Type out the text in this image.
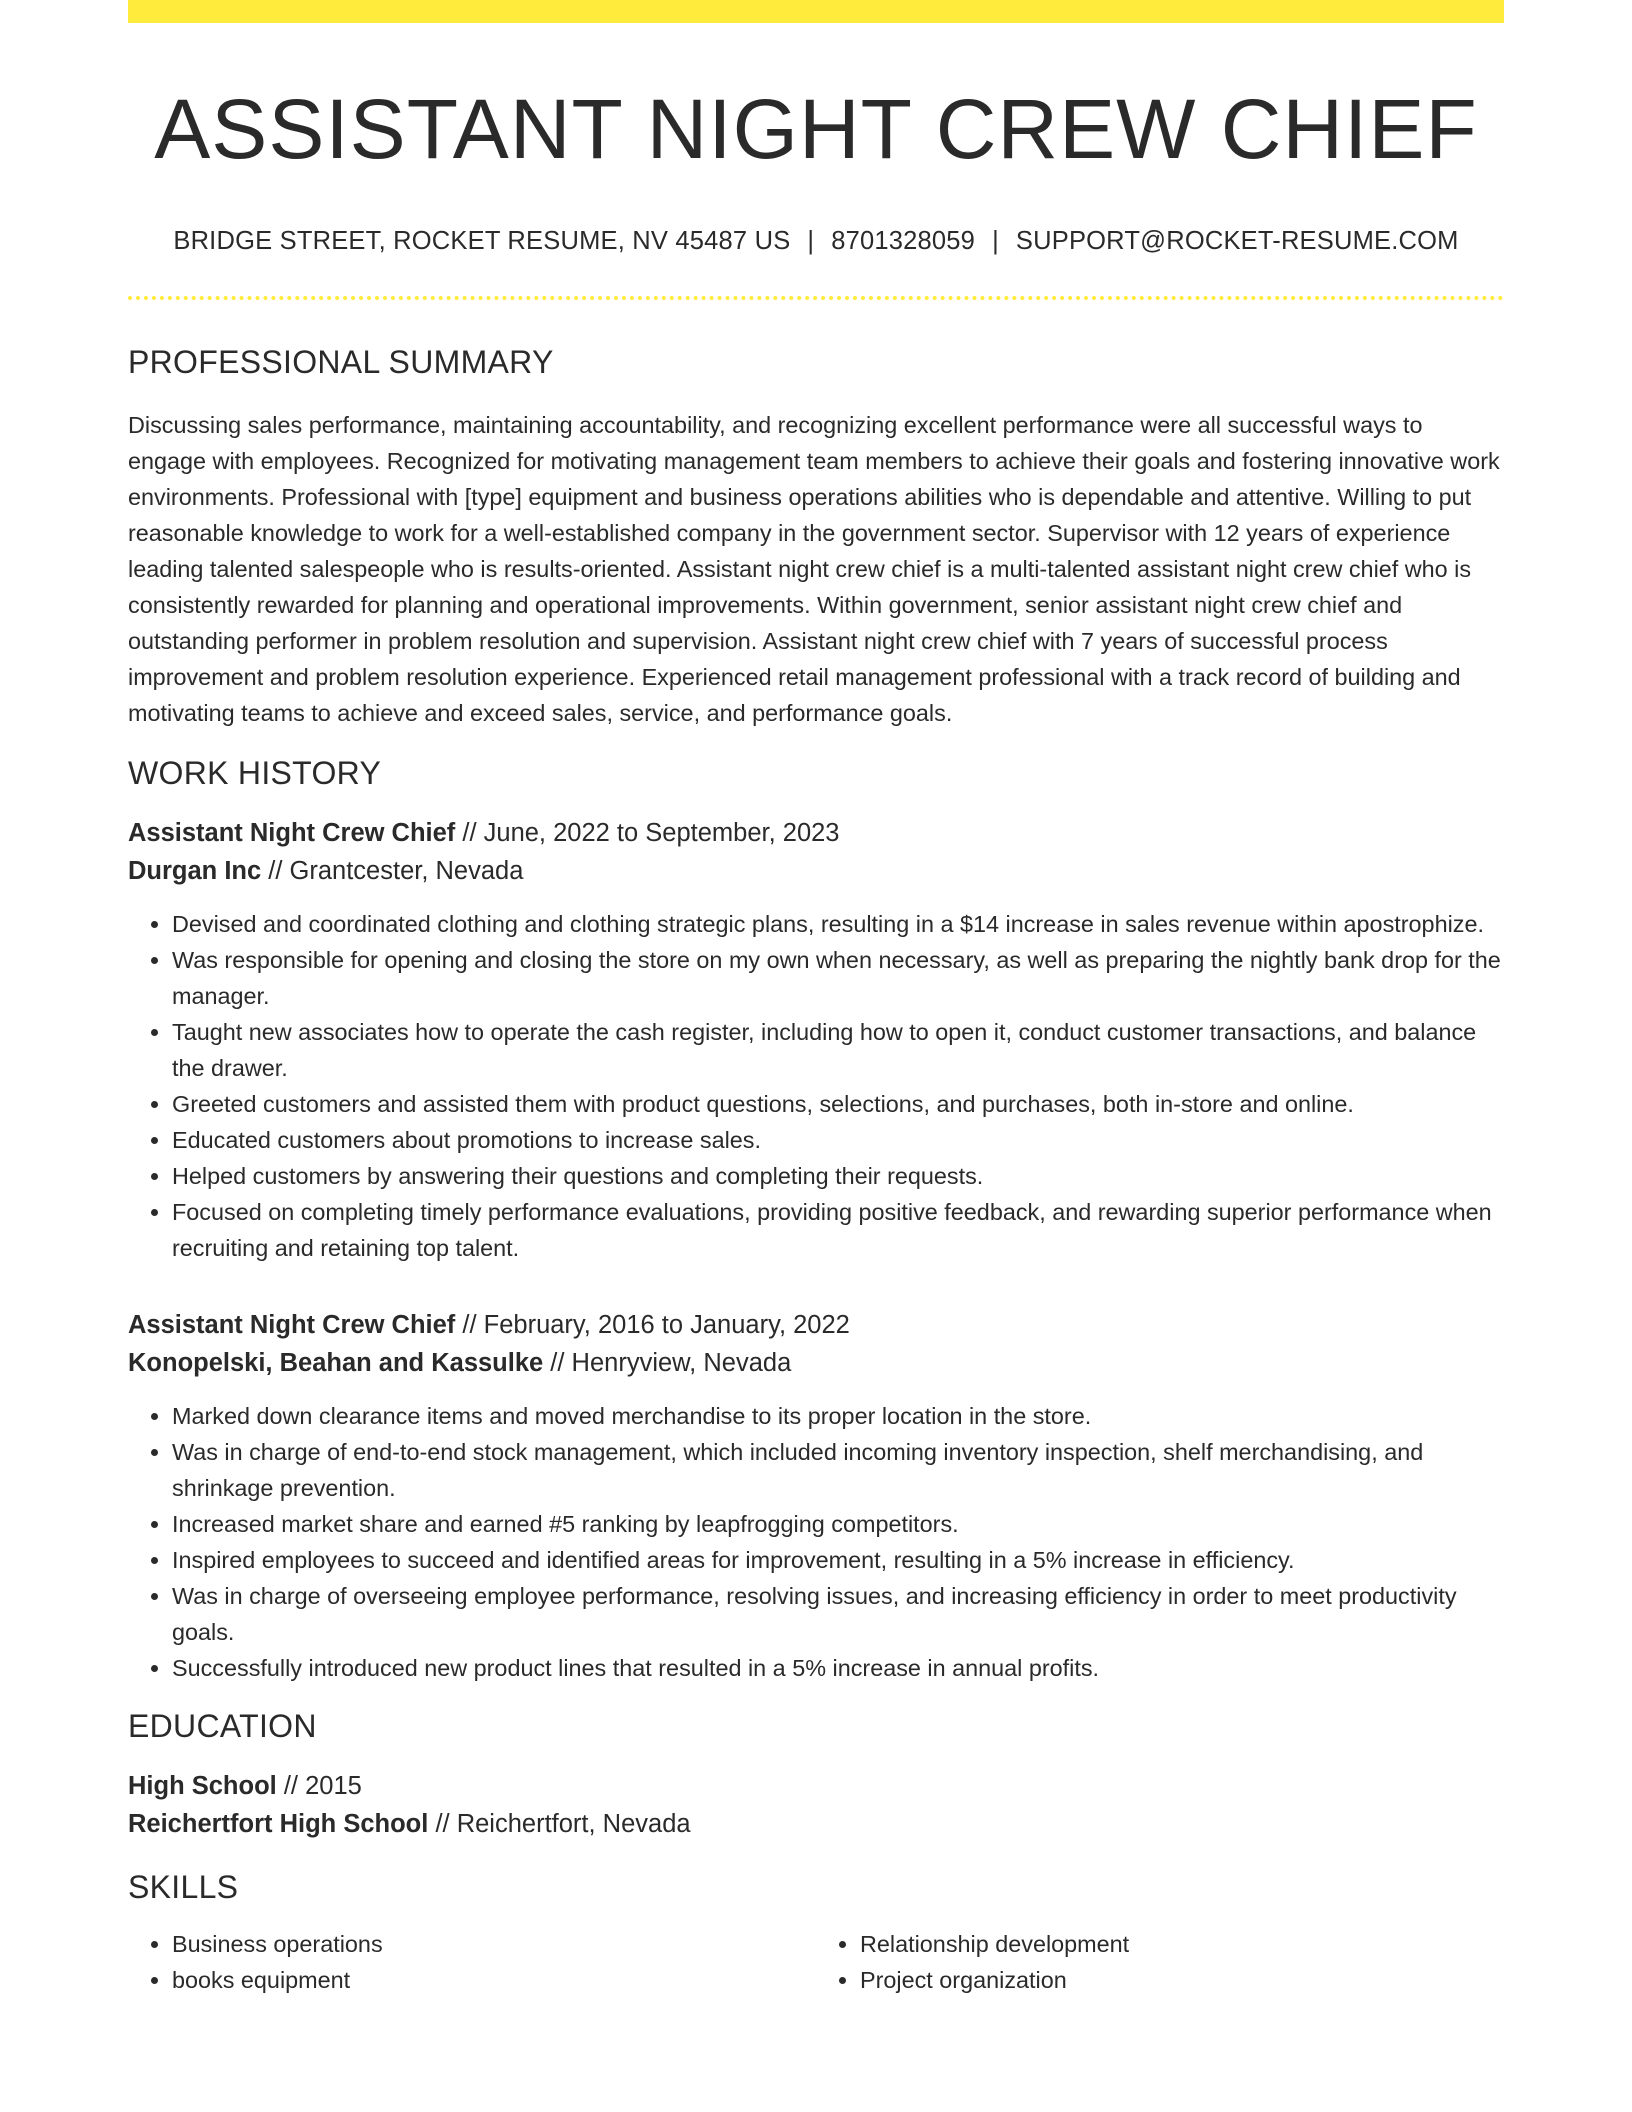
ASSISTANT NIGHT CREW CHIEF
BRIDGE STREET, ROCKET RESUME, NV 45487 US | 8701328059 | SUPPORT@ROCKET-RESUME.COM
PROFESSIONAL SUMMARY

Discussing sales performance, maintaining accountability, and recognizing excellent performance were all successful ways to engage with employees. Recognized for motivating management team members to achieve their goals and fostering innovative work environments. Professional with [type] equipment and business operations abilities who is dependable and attentive. Willing to put reasonable knowledge to work for a well-established company in the government sector. Supervisor with 12 years of experience leading talented salespeople who is results-oriented. Assistant night crew chief is a multi-talented assistant night crew chief who is consistently rewarded for planning and operational improvements. Within government, senior assistant night crew chief and outstanding performer in problem resolution and supervision. Assistant night crew chief with 7 years of successful process improvement and problem resolution experience. Experienced retail management professional with a track record of building and motivating teams to achieve and exceed sales, service, and performance goals.

WORK HISTORY
Assistant Night Crew Chief // June, 2022 to September, 2023
Durgan Inc // Grantcester, Nevada
• Devised and coordinated clothing and clothing strategic plans, resulting in a $14 increase in sales revenue within apostrophize.
• Was responsible for opening and closing the store on my own when necessary, as well as preparing the nightly bank drop for the manager.
• Taught new associates how to operate the cash register, including how to open it, conduct customer transactions, and balance the drawer.
• Greeted customers and assisted them with product questions, selections, and purchases, both in-store and online.
• Educated customers about promotions to increase sales.
• Helped customers by answering their questions and completing their requests.
• Focused on completing timely performance evaluations, providing positive feedback, and rewarding superior performance when recruiting and retaining top talent.
Assistant Night Crew Chief // February, 2016 to January, 2022
Konopelski, Beahan and Kassulke // Henryview, Nevada
• Marked down clearance items and moved merchandise to its proper location in the store.
• Was in charge of end-to-end stock management, which included incoming inventory inspection, shelf merchandising, and shrinkage prevention.
• Increased market share and earned #5 ranking by leapfrogging competitors.
• Inspired employees to succeed and identified areas for improvement, resulting in a 5% increase in efficiency.
• Was in charge of overseeing employee performance, resolving issues, and increasing efficiency in order to meet productivity goals.
• Successfully introduced new product lines that resulted in a 5% increase in annual profits.
EDUCATION
High School // 2015
Reichertfort High School // Reichertfort, Nevada
SKILLS
• Business operations
• books equipment
• Relationship development
• Project organization
